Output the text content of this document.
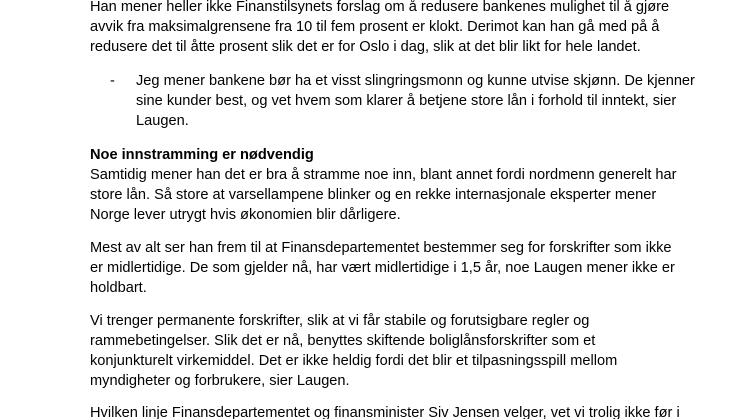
Han mener heller ikke Finanstilsynets forslag om å redusere bankenes mulighet til å gjøre
avvik fra maksimalgrensene fra 10 til fem prosent er klokt. Derimot kan han gå med på å
redusere det til åtte prosent slik det er for Oslo i dag, slik at det blir likt for hele landet.
- Jeg mener bankene bør ha et visst slingringsmonn og kunne utvise skjønn. De kjenner
sine kunder best, og vet hvem som klarer å betjene store lån i forhold til inntekt, sier
Laugen.
Noe innstramming er nødvendig
Samtidig mener han det er bra å stramme noe inn, blant annet fordi nordmenn generelt har
store lån. Så store at varsellampene blinker og en rekke internasjonale eksperter mener
Norge lever utrygt hvis økonomien blir dårligere.
Mest av alt ser han frem til at Finansdepartementet bestemmer seg for forskrifter som ikke
er midlertidige. De som gjelder nå, har vært midlertidige i 1,5 år, noe Laugen mener ikke er
holdbart.
Vi trenger permanente forskrifter, slik at vi får stabile og forutsigbare regler og
rammebetingelser. Slik det er nå, benyttes skiftende boliglånsforskrifter som et
konjunkturelt virkemiddel. Det er ikke heldig fordi det blir et tilpasningsspill mellom
myndigheter og forbrukere, sier Laugen.
Hvilken linje Finansdepartementet og finansminister Siv Jensen velger, vet vi trolig ikke før i
